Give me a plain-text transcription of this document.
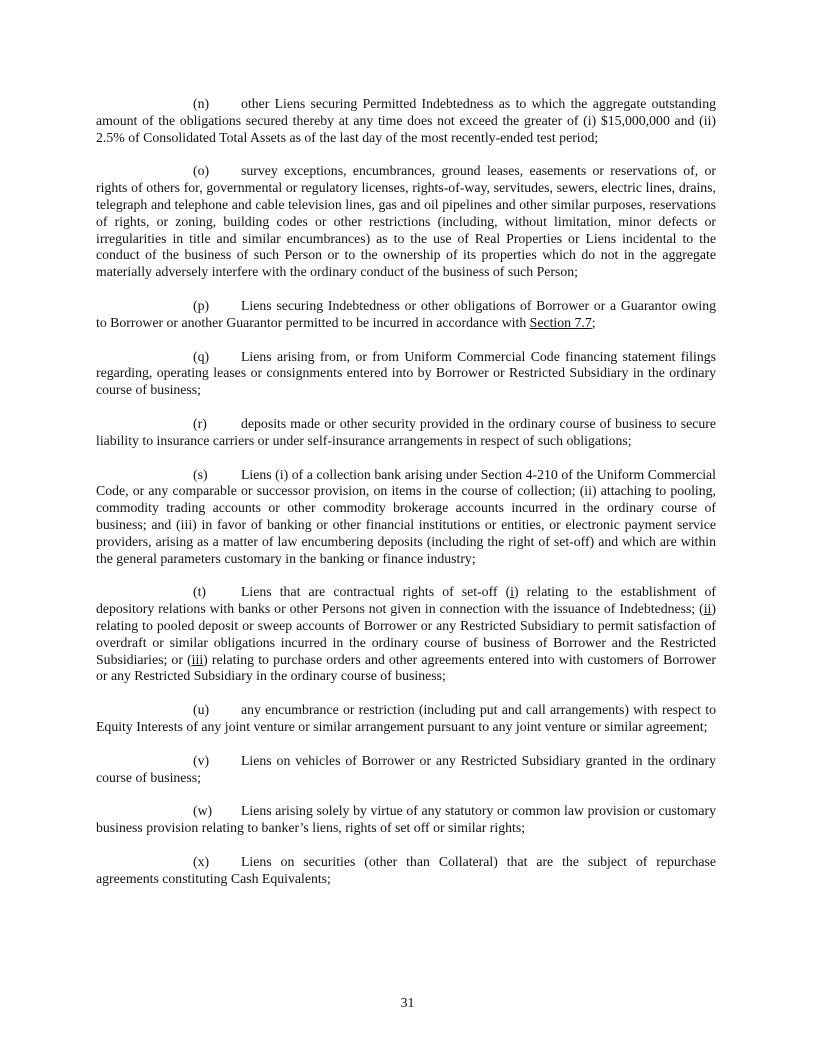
(n) other Liens securing Permitted Indebtedness as to which the aggregate outstanding amount of the obligations secured thereby at any time does not exceed the greater of (i) $15,000,000 and (ii) 2.5% of Consolidated Total Assets as of the last day of the most recently-ended test period;

(o) survey exceptions, encumbrances, ground leases, easements or reservations of, or rights of others for, governmental or regulatory licenses, rights-of-way, servitudes, sewers, electric lines, drains, telegraph and telephone and cable television lines, gas and oil pipelines and other similar purposes, reservations of rights, or zoning, building codes or other restrictions (including, without limitation, minor defects or irregularities in title and similar encumbrances) as to the use of Real Properties or Liens incidental to the conduct of the business of such Person or to the ownership of its properties which do not in the aggregate materially adversely interfere with the ordinary conduct of the business of such Person;

(p) Liens securing Indebtedness or other obligations of Borrower or a Guarantor owing to Borrower or another Guarantor permitted to be incurred in accordance with Section 7.7;

(q) Liens arising from, or from Uniform Commercial Code financing statement filings regarding, operating leases or consignments entered into by Borrower or Restricted Subsidiary in the ordinary course of business;

(r) deposits made or other security provided in the ordinary course of business to secure liability to insurance carriers or under self-insurance arrangements in respect of such obligations;

(s) Liens (i) of a collection bank arising under Section 4-210 of the Uniform Commercial Code, or any comparable or successor provision, on items in the course of collection; (ii) attaching to pooling, commodity trading accounts or other commodity brokerage accounts incurred in the ordinary course of business; and (iii) in favor of banking or other financial institutions or entities, or electronic payment service providers, arising as a matter of law encumbering deposits (including the right of set-off) and which are within the general parameters customary in the banking or finance industry;

(t)	Liens that are contractual rights of set-off (i) relating to the establishment of depository relations with banks or other Persons not given in connection with the issuance of Indebtedness; (ii) relating to pooled deposit or sweep accounts of Borrower or any Restricted Subsidiary to permit satisfaction of overdraft or similar obligations incurred in the ordinary course of business of Borrower and the Restricted Subsidiaries; or (iii) relating to purchase orders and other agreements entered into with customers of Borrower or any Restricted Subsidiary in the ordinary course of business;

(u) any encumbrance or restriction (including put and call arrangements) with respect to Equity Interests of any joint venture or similar arrangement pursuant to any joint venture or similar agreement;

(v) Liens on vehicles of Borrower or any Restricted Subsidiary granted in the ordinary course of business;

(w) Liens arising solely by virtue of any statutory or common law provision or customary business provision relating to banker’s liens, rights of set off or similar rights;

(x) Liens on securities (other than Collateral) that are the subject of repurchase agreements constituting Cash Equivalents;

31
